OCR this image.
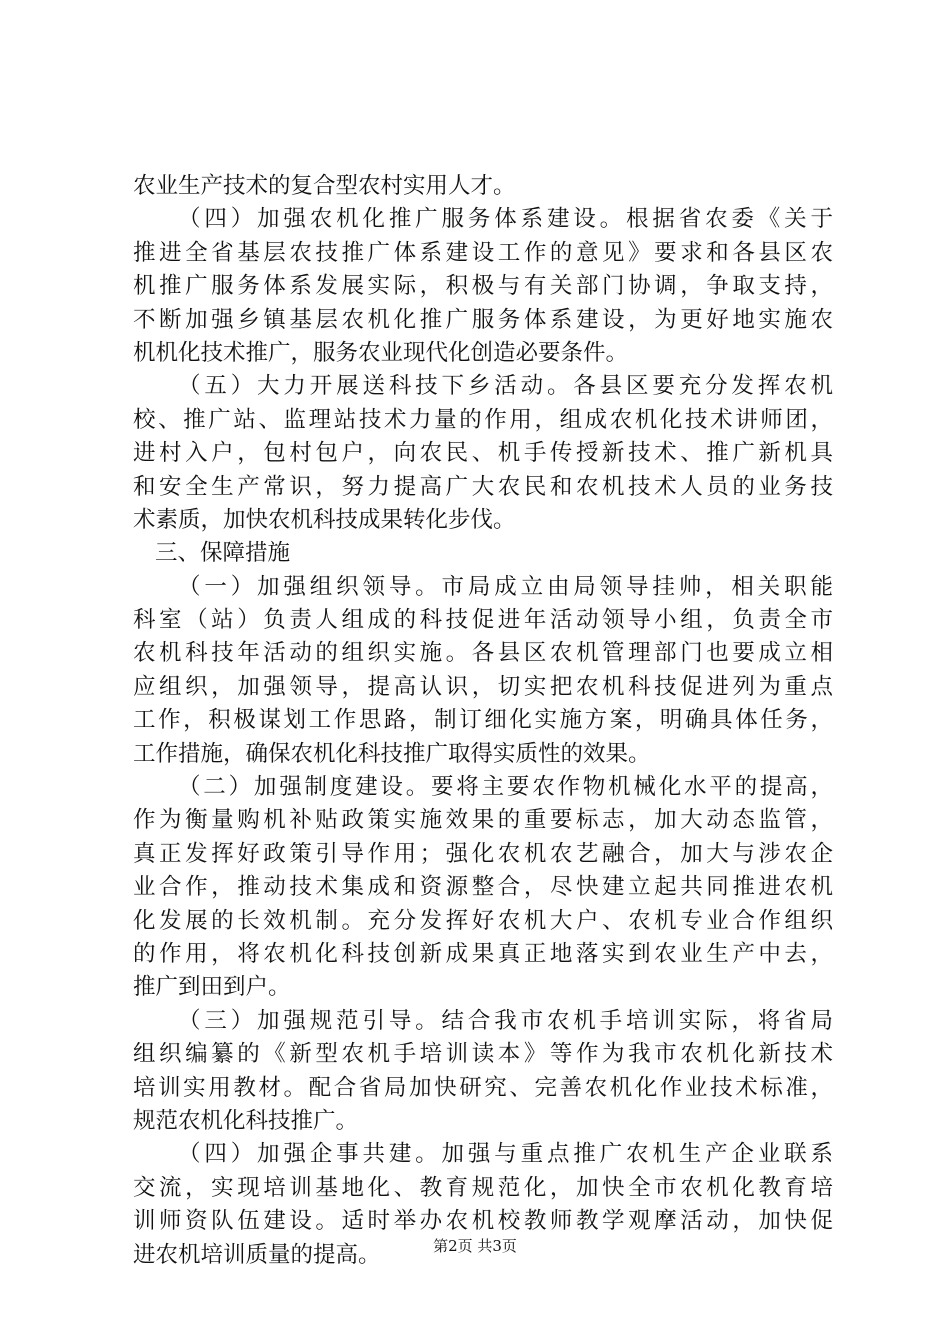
农业生产技术的复合型农村实用人才。
（四）加强农机化推广服务体系建设。根据省农委《关于
推进全省基层农技推广体系建设工作的意见》要求和各县区农
机推广服务体系发展实际，积极与有关部门协调，争取支持，
不断加强乡镇基层农机化推广服务体系建设，为更好地实施农
机机化技术推广，服务农业现代化创造必要条件。
（五）大力开展送科技下乡活动。各县区要充分发挥农机
校、推广站、监理站技术力量的作用，组成农机化技术讲师团，
进村入户，包村包户，向农民、机手传授新技术、推广新机具
和安全生产常识，努力提高广大农民和农机技术人员的业务技
术素质，加快农机科技成果转化步伐。
三、保障措施
（一）加强组织领导。市局成立由局领导挂帅，相关职能
科室（站）负责人组成的科技促进年活动领导小组，负责全市
农机科技年活动的组织实施。各县区农机管理部门也要成立相
应组织，加强领导，提高认识，切实把农机科技促进列为重点
工作，积极谋划工作思路，制订细化实施方案，明确具体任务，
工作措施，确保农机化科技推广取得实质性的效果。
（二）加强制度建设。要将主要农作物机械化水平的提高，
作为衡量购机补贴政策实施效果的重要标志，加大动态监管，
真正发挥好政策引导作用；强化农机农艺融合，加大与涉农企
业合作，推动技术集成和资源整合，尽快建立起共同推进农机
化发展的长效机制。充分发挥好农机大户、农机专业合作组织
的作用，将农机化科技创新成果真正地落实到农业生产中去，
推广到田到户。
（三）加强规范引导。结合我市农机手培训实际，将省局
组织编纂的《新型农机手培训读本》等作为我市农机化新技术
培训实用教材。配合省局加快研究、完善农机化作业技术标准，
规范农机化科技推广。
（四）加强企事共建。加强与重点推广农机生产企业联系
交流，实现培训基地化、教育规范化，加快全市农机化教育培
训师资队伍建设。适时举办农机校教师教学观摩活动，加快促
进农机培训质量的提高。	第2页 共3页
